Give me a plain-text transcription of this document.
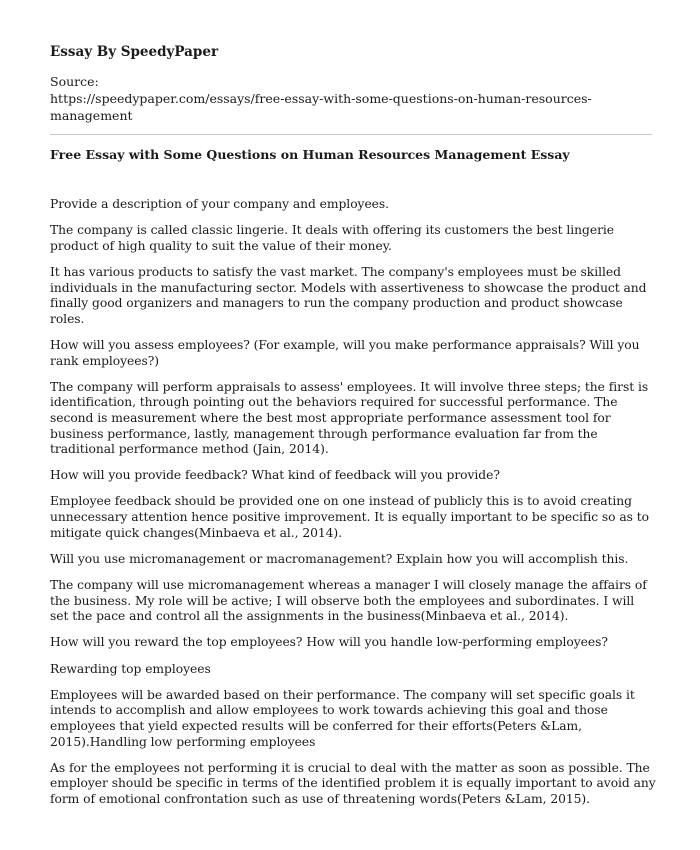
Essay By SpeedyPaper
Source:
https://speedypaper.com/essays/free-essay-with-some-questions-on-human-resources-management
Free Essay with Some Questions on Human Resources Management Essay

Provide a description of your company and employees.

The company is called classic lingerie. It deals with offering its customers the best lingerie product of high quality to suit the value of their money.

It has various products to satisfy the vast market. The company's employees must be skilled individuals in the manufacturing sector. Models with assertiveness to showcase the product and finally good organizers and managers to run the company production and product showcase roles.

How will you assess employees? (For example, will you make performance appraisals? Will you rank employees?)

The company will perform appraisals to assess' employees. It will involve three steps; the first is identification, through pointing out the behaviors required for successful performance. The second is measurement where the best most appropriate performance assessment tool for business performance, lastly, management through performance evaluation far from the traditional performance method (Jain, 2014).

How will you provide feedback? What kind of feedback will you provide?

Employee feedback should be provided one on one instead of publicly this is to avoid creating unnecessary attention hence positive improvement. It is equally important to be specific so as to mitigate quick changes(Minbaeva et al., 2014).

Will you use micromanagement or macromanagement? Explain how you will accomplish this.

The company will use micromanagement whereas a manager I will closely manage the affairs of the business. My role will be active; I will observe both the employees and subordinates. I will set the pace and control all the assignments in the business(Minbaeva et al., 2014).

How will you reward the top employees? How will you handle low-performing employees?

Rewarding top employees

Employees will be awarded based on their performance. The company will set specific goals it intends to accomplish and allow employees to work towards achieving this goal and those employees that yield expected results will be conferred for their efforts(Peters &Lam, 2015).Handling low performing employees

As for the employees not performing it is crucial to deal with the matter as soon as possible. The employer should be specific in terms of the identified problem it is equally important to avoid any form of emotional confrontation such as use of threatening words(Peters &Lam, 2015).
